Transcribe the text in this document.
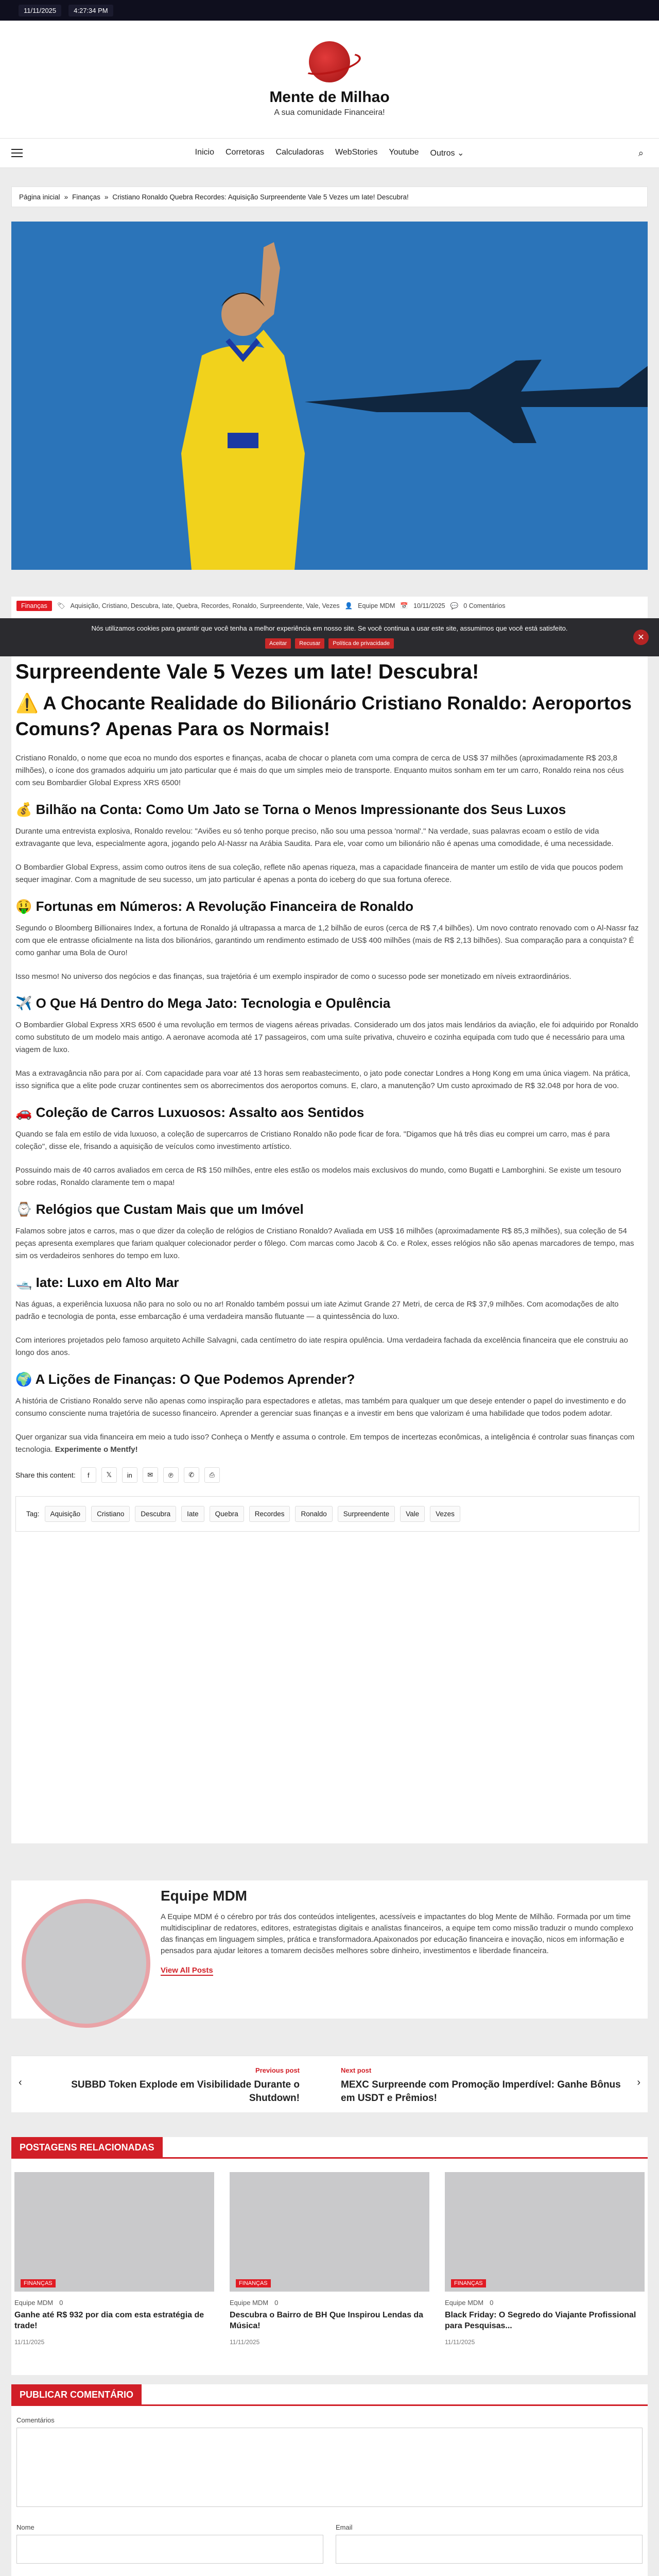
11/11/2025	4:27:34 PM
Mente de Milhao
A sua comunidade Financeira!
Inicio Corretoras Calculadoras WebStories Youtube Outros ⌄	⌕
Página inicial » Finanças » Cristiano Ronaldo Quebra Recordes: Aquisição Surpreendente Vale 5 Vezes um Iate! Descubra!
Finanças	🏷 Aquisição, Cristiano, Descubra, Iate, Quebra, Recordes, Ronaldo, Surpreendente, Vale, Vezes 👤 Equipe MDM 📅 10/11/2025 💬 0 Comentários
Surpreendente Vale 5 Vezes um Iate! Descubra!
⚠️ A Chocante Realidade do Bilionário Cristiano Ronaldo: Aeroportos Comuns? Apenas Para os Normais!

Cristiano Ronaldo, o nome que ecoa no mundo dos esportes e finanças, acaba de chocar o planeta com uma compra de cerca de US$ 37 milhões (aproximadamente R$ 203,8 milhões), o ícone dos gramados adquiriu um jato particular que é mais do que um simples meio de transporte. Enquanto muitos sonham em ter um carro, Ronaldo reina nos céus com seu Bombardier Global Express XRS 6500!

💰 Bilhão na Conta: Como Um Jato se Torna o Menos Impressionante dos Seus Luxos

Durante uma entrevista explosiva, Ronaldo revelou: "Aviões eu só tenho porque preciso, não sou uma pessoa 'normal'." Na verdade, suas palavras ecoam o estilo de vida extravagante que leva, especialmente agora, jogando pelo Al-Nassr na Arábia Saudita. Para ele, voar como um bilionário não é apenas uma comodidade, é uma necessidade.

O Bombardier Global Express, assim como outros itens de sua coleção, reflete não apenas riqueza, mas a capacidade financeira de manter um estilo de vida que poucos podem sequer imaginar. Com a magnitude de seu sucesso, um jato particular é apenas a ponta do iceberg do que sua fortuna oferece.

🤑 Fortunas em Números: A Revolução Financeira de Ronaldo

Segundo o Bloomberg Billionaires Index, a fortuna de Ronaldo já ultrapassa a marca de 1,2 bilhão de euros (cerca de R$ 7,4 bilhões). Um novo contrato renovado com o Al-Nassr faz com que ele entrasse oficialmente na lista dos bilionários, garantindo um rendimento estimado de US$ 400 milhões (mais de R$ 2,13 bilhões). Sua comparação para a conquista? É como ganhar uma Bola de Ouro!

Isso mesmo! No universo dos negócios e das finanças, sua trajetória é um exemplo inspirador de como o sucesso pode ser monetizado em níveis extraordinários.

✈️ O Que Há Dentro do Mega Jato: Tecnologia e Opulência

O Bombardier Global Express XRS 6500 é uma revolução em termos de viagens aéreas privadas. Considerado um dos jatos mais lendários da aviação, ele foi adquirido por Ronaldo como substituto de um modelo mais antigo. A aeronave acomoda até 17 passageiros, com uma suíte privativa, chuveiro e cozinha equipada com tudo que é necessário para uma viagem de luxo.

Mas a extravagância não para por aí. Com capacidade para voar até 13 horas sem reabastecimento, o jato pode conectar Londres a Hong Kong em uma única viagem. Na prática, isso significa que a elite pode cruzar continentes sem os aborrecimentos dos aeroportos comuns. E, claro, a manutenção? Um custo aproximado de R$ 32.048 por hora de voo.

🚗 Coleção de Carros Luxuosos: Assalto aos Sentidos

Quando se fala em estilo de vida luxuoso, a coleção de supercarros de Cristiano Ronaldo não pode ficar de fora. "Digamos que há três dias eu comprei um carro, mas é para coleção", disse ele, frisando a aquisição de veículos como investimento artístico.

Possuindo mais de 40 carros avaliados em cerca de R$ 150 milhões, entre eles estão os modelos mais exclusivos do mundo, como Bugatti e Lamborghini. Se existe um tesouro sobre rodas, Ronaldo claramente tem o mapa!

⌚ Relógios que Custam Mais que um Imóvel

Falamos sobre jatos e carros, mas o que dizer da coleção de relógios de Cristiano Ronaldo? Avaliada em US$ 16 milhões (aproximadamente R$ 85,3 milhões), sua coleção de 54 peças apresenta exemplares que fariam qualquer colecionador perder o fôlego. Com marcas como Jacob & Co. e Rolex, esses relógios não são apenas marcadores de tempo, mas sim os verdadeiros senhores do tempo em luxo.

🛥️ Iate: Luxo em Alto Mar

Nas águas, a experiência luxuosa não para no solo ou no ar! Ronaldo também possui um iate Azimut Grande 27 Metri, de cerca de R$ 37,9 milhões. Com acomodações de alto padrão e tecnologia de ponta, esse embarcação é uma verdadeira mansão flutuante — a quintessência do luxo.

Com interiores projetados pelo famoso arquiteto Achille Salvagni, cada centímetro do iate respira opulência. Uma verdadeira fachada da excelência financeira que ele construiu ao longo dos anos.

🌍 A Lições de Finanças: O Que Podemos Aprender?

A história de Cristiano Ronaldo serve não apenas como inspiração para espectadores e atletas, mas também para qualquer um que deseje entender o papel do investimento e do consumo consciente numa trajetória de sucesso financeiro. Aprender a gerenciar suas finanças e a investir em bens que valorizam é uma habilidade que todos podem adotar.

Quer organizar sua vida financeira em meio a tudo isso? Conheça o Mentfy e assuma o controle. Em tempos de incertezas econômicas, a inteligência é controlar suas finanças com tecnologia. Experimente o Mentfy!

Share this content:	f	𝕏	in	✉	℗	✆	⎙
Tag:	Aquisição	Cristiano	Descubra	Iate	Quebra	Recordes	Ronaldo	Surpreendente	Vale	Vezes
Nós utilizamos cookies para garantir que você tenha a melhor experiência em nosso site. Se você continua a usar este site, assumimos que você está satisfeito.
Aceitar	Recusar	Política de privacidade
✕
Equipe MDM

A Equipe MDM é o cérebro por trás dos conteúdos inteligentes, acessíveis e impactantes do blog Mente de Milhão. Formada por um time multidisciplinar de redatores, editores, estrategistas digitais e analistas financeiros, a equipe tem como missão traduzir o mundo complexo das finanças em linguagem simples, prática e transformadora.Apaixonados por educação financeira e inovação, nicos em informação e pensados para ajudar leitores a tomarem decisões melhores sobre dinheiro, investimentos e liberdade financeira.

View All Posts
‹
Previous post
SUBBD Token Explode em Visibilidade Durante o Shutdown!
Next post
MEXC Surpreende com Promoção Imperdível: Ganhe Bônus em USDT e Prêmios!
›
POSTAGENS RELACIONADAS
FINANÇAS
Equipe MDM 0
Ganhe até R$ 932 por dia com esta estratégia de trade!
11/11/2025
FINANÇAS
Equipe MDM 0
Descubra o Bairro de BH Que Inspirou Lendas da Música!
11/11/2025
FINANÇAS
Equipe MDM 0
Black Friday: O Segredo do Viajante Profissional para Pesquisas...
11/11/2025
PUBLICAR COMENTÁRIO
Comentários
Nome	Email
